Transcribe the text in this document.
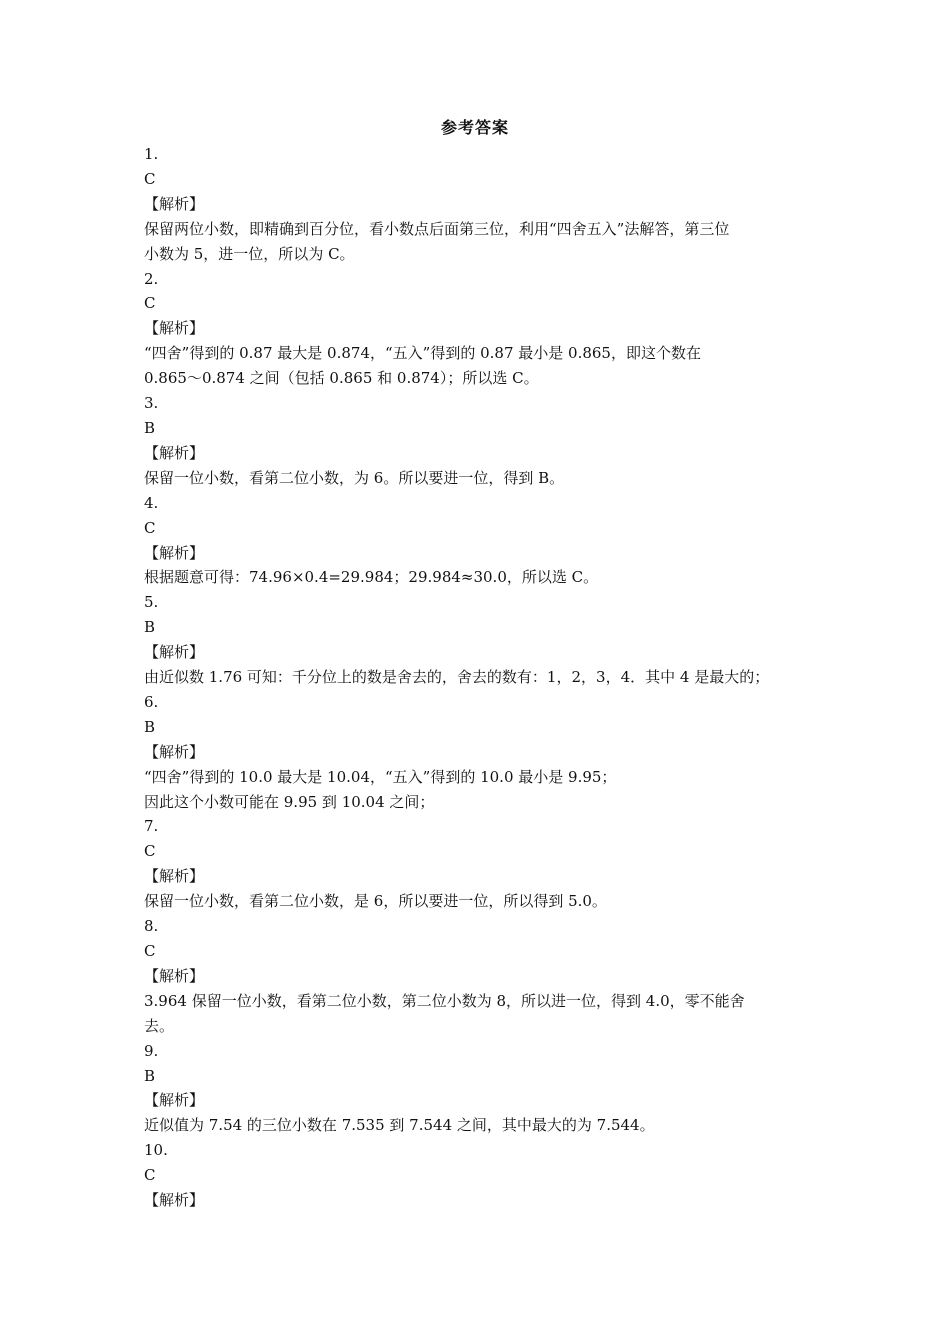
参考答案
1.
C
【解析】
保留两位小数，即精确到百分位，看小数点后面第三位，利用“四舍五入”法解答，第三位
小数为 5，进一位，所以为 C。
2.
C
【解析】
“四舍”得到的 0.87 最大是 0.874，“五入”得到的 0.87 最小是 0.865，即这个数在
0.865～0.874 之间（包括 0.865 和 0.874）；所以选 C。
3.
B
【解析】
保留一位小数，看第二位小数，为 6。所以要进一位，得到 B。
4.
C
【解析】
根据题意可得：74.96×0.4=29.984；29.984≈30.0，所以选 C。
5.
B
【解析】
由近似数 1.76 可知：千分位上的数是舍去的，舍去的数有：1，2，3，4．其中 4 是最大的；
6.
B
【解析】
“四舍”得到的 10.0 最大是 10.04，“五入”得到的 10.0 最小是 9.95；
因此这个小数可能在 9.95 到 10.04 之间；
7.
C
【解析】
保留一位小数，看第二位小数，是 6，所以要进一位，所以得到 5.0。
8.
C
【解析】
3.964 保留一位小数，看第二位小数，第二位小数为 8，所以进一位，得到 4.0，零不能舍
去。
9.
B
【解析】
近似值为 7.54 的三位小数在 7.535 到 7.544 之间，其中最大的为 7.544。
10.
C
【解析】
